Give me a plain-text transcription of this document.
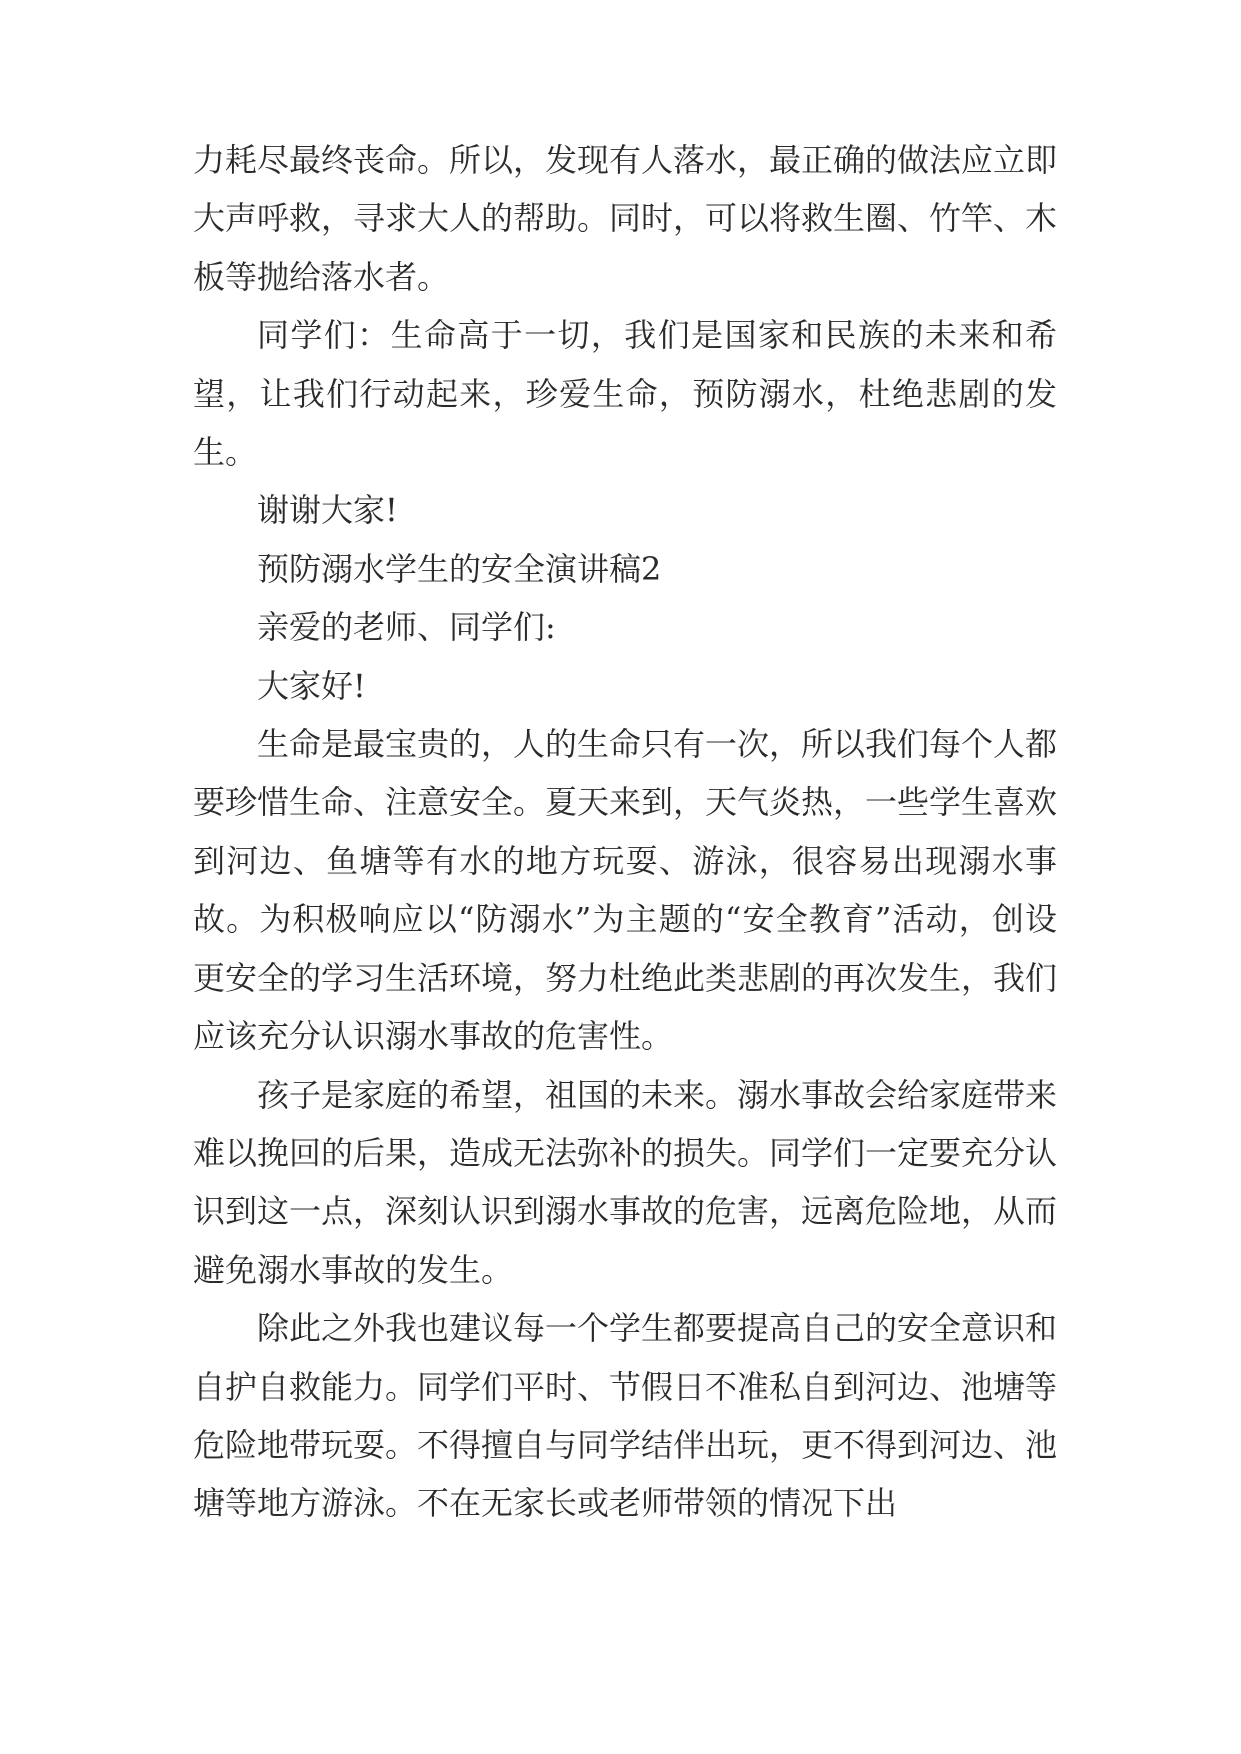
力耗尽最终丧命。所以，发现有人落水，最正确的做法应立即大声呼救，寻求大人的帮助。同时，可以将救生圈、竹竿、木板等抛给落水者。

同学们：生命高于一切，我们是国家和民族的未来和希望，让我们行动起来，珍爱生命，预防溺水，杜绝悲剧的发生。

谢谢大家!

预防溺水学生的安全演讲稿2

亲爱的老师、同学们:

大家好!

生命是最宝贵的，人的生命只有一次，所以我们每个人都要珍惜生命、注意安全。夏天来到，天气炎热，一些学生喜欢到河边、鱼塘等有水的地方玩耍、游泳，很容易出现溺水事故。为积极响应以“防溺水”为主题的“安全教育”活动，创设更安全的学习生活环境，努力杜绝此类悲剧的再次发生，我们应该充分认识溺水事故的危害性。

孩子是家庭的希望，祖国的未来。溺水事故会给家庭带来难以挽回的后果，造成无法弥补的损失。同学们一定要充分认识到这一点，深刻认识到溺水事故的危害，远离危险地，从而避免溺水事故的发生。

除此之外我也建议每一个学生都要提高自己的安全意识和自护自救能力。同学们平时、节假日不准私自到河边、池塘等危险地带玩耍。不得擅自与同学结伴出玩，更不得到河边、池塘等地方游泳。不在无家长或老师带领的情况下出
